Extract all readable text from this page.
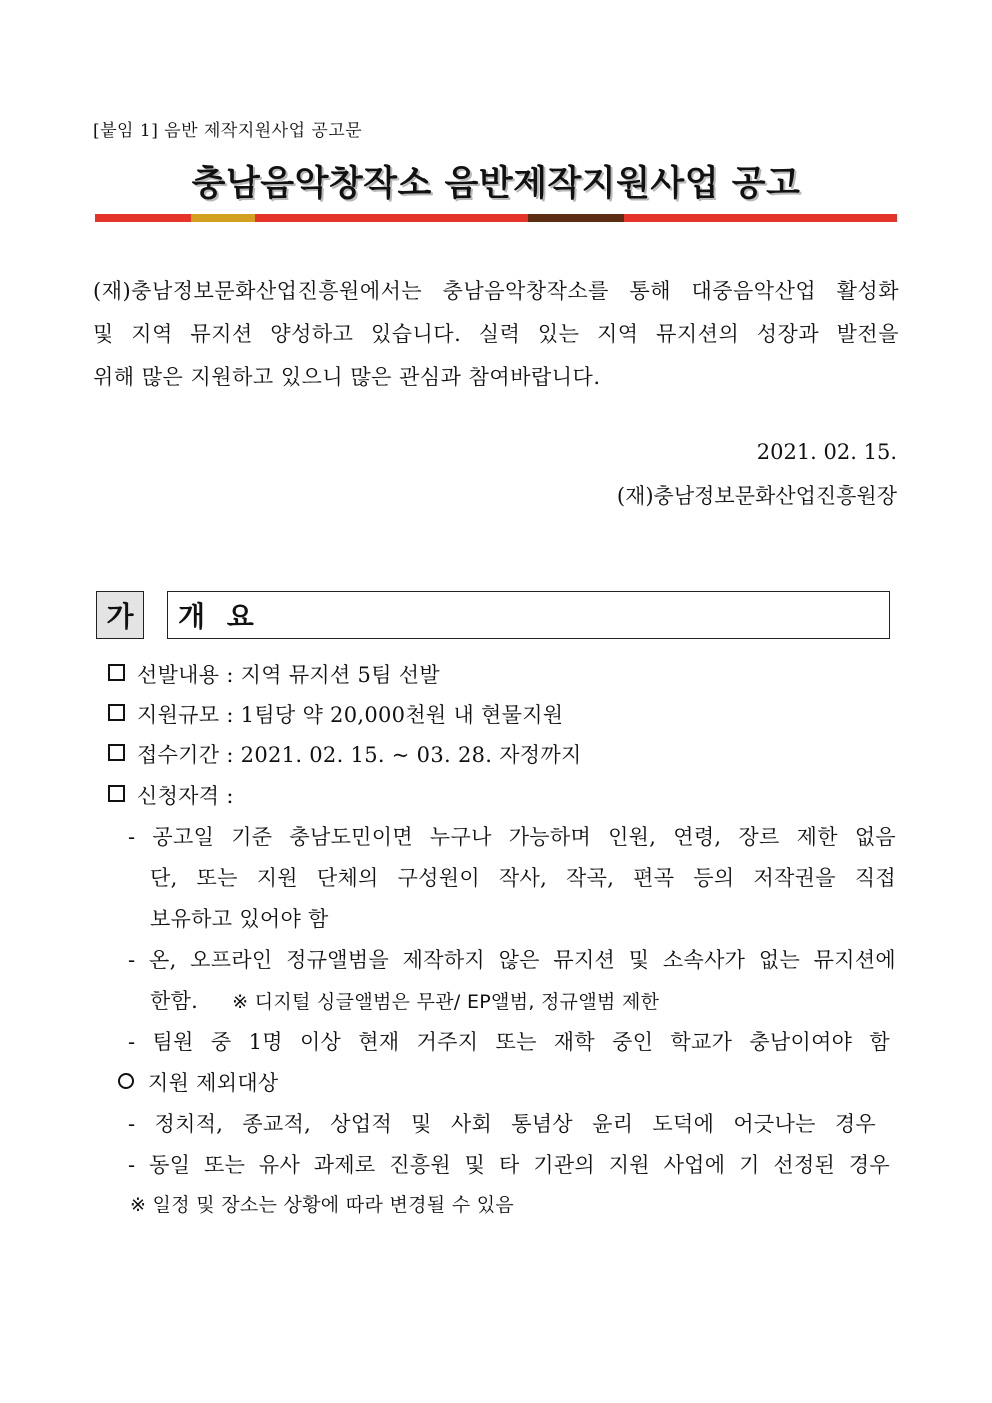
[붙임 1] 음반 제작지원사업 공고문
충남음악창작소 음반제작지원사업 공고
(재)충남정보문화산업진흥원에서는 충남음악창작소를 통해 대중음악산업 활성화
및 지역 뮤지션 양성하고 있습니다. 실력 있는 지역 뮤지션의 성장과 발전을
위해 많은 지원하고 있으니 많은 관심과 참여바랍니다.
2021. 02. 15.
(재)충남정보문화산업진흥원장
가	개 요
선발내용 : 지역 뮤지션 5팀 선발
지원규모 : 1팀당 약 20,000천원 내 현물지원
접수기간 : 2021. 02. 15. ~ 03. 28. 자정까지
신청자격 :
- 공고일 기준 충남도민이면 누구나 가능하며 인원, 연령, 장르 제한 없음
단, 또는 지원 단체의 구성원이 작사, 작곡, 편곡 등의 저작권을 직접
보유하고 있어야 함
- 온, 오프라인 정규앨범을 제작하지 않은 뮤지션 및 소속사가 없는 뮤지션에
한함. ※ 디지털 싱글앨범은 무관/ EP앨범, 정규앨범 제한
- 팀원 중 1명 이상 현재 거주지 또는 재학 중인 학교가 충남이여야 함
지원 제외대상
- 정치적, 종교적, 상업적 및 사회 통념상 윤리 도덕에 어긋나는 경우
- 동일 또는 유사 과제로 진흥원 및 타 기관의 지원 사업에 기 선정된 경우
※ 일정 및 장소는 상황에 따라 변경될 수 있음
